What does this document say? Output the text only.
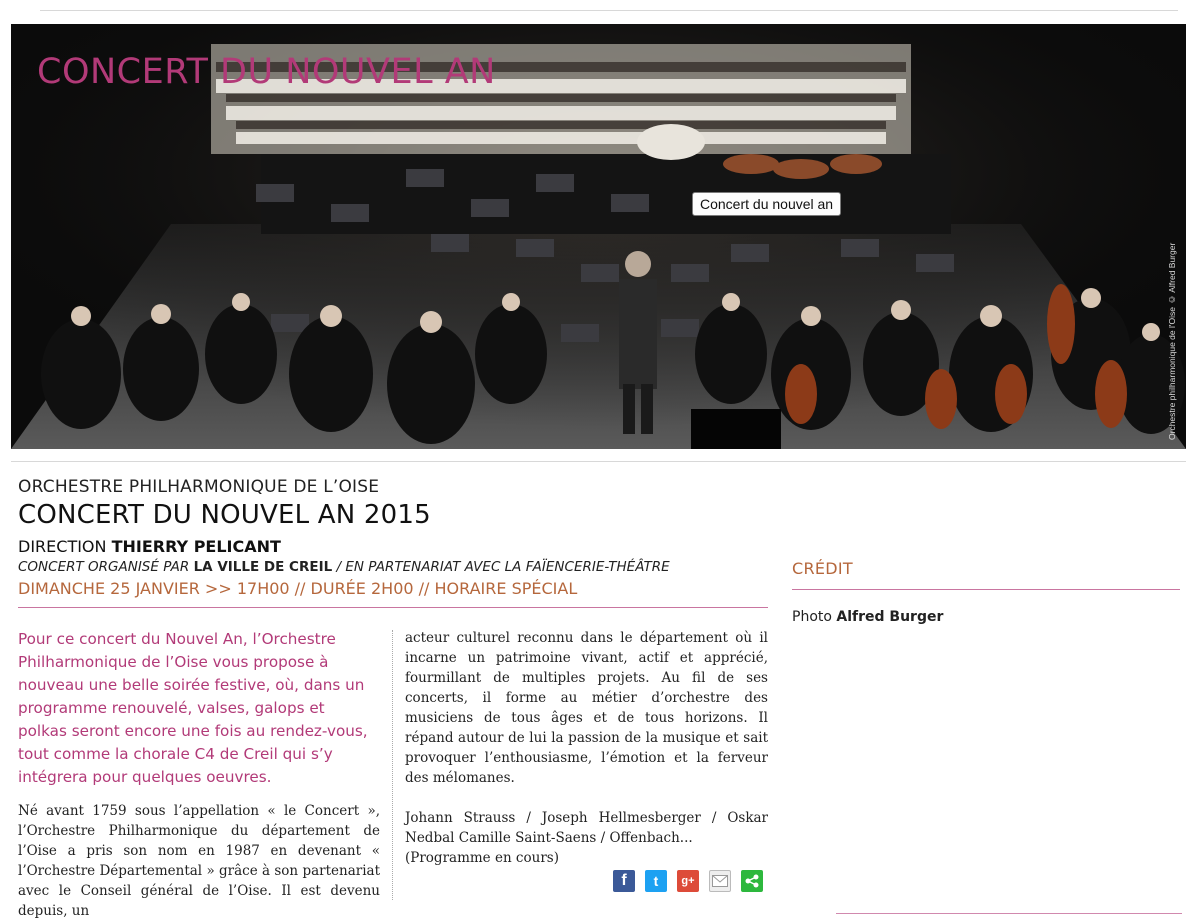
CONCERT DU NOUVEL AN
Concert du nouvel an
Orchestre philharmonique de l'Oise © Alfred Burger
ORCHESTRE PHILHARMONIQUE DE L’OISE
CONCERT DU NOUVEL AN 2015

DIRECTION THIERRY PELICANT

CONCERT ORGANISÉ PAR LA VILLE DE CREIL / EN PARTENARIAT AVEC LA FAÏENCERIE-THÉÂTRE

DIMANCHE 25 JANVIER >> 17H00 // DURÉE 2H00 // HORAIRE SPÉCIAL

Pour ce concert du Nouvel An, l’Orchestre Philharmonique de l’Oise vous propose à nouveau une belle soirée festive, où, dans un programme renouvelé, valses, galops et polkas seront encore une fois au rendez-vous, tout comme la chorale C4 de Creil qui s’y intégrera pour quelques oeuvres.

Né avant 1759 sous l’appellation « le Concert », l’Orchestre Philharmonique du département de l’Oise a pris son nom en 1987 en devenant « l’Orchestre Départemental » grâce à son partenariat avec le Conseil général de l’Oise. Il est devenu depuis, un

acteur culturel reconnu dans le département où il incarne un patrimoine vivant, actif et apprécié, fourmillant de multiples projets. Au fil de ses concerts, il forme au métier d’orchestre des musiciens de tous âges et de tous horizons. Il répand autour de lui la passion de la musique et sait provoquer l’enthousiasme, l’émotion et la ferveur des mélomanes.

Johann Strauss / Joseph Hellmesberger / Oskar Nedbal Camille Saint-Saens / Offenbach...
(Programme en cours)

f	t	g+
CRÉDIT

Photo Alfred Burger
